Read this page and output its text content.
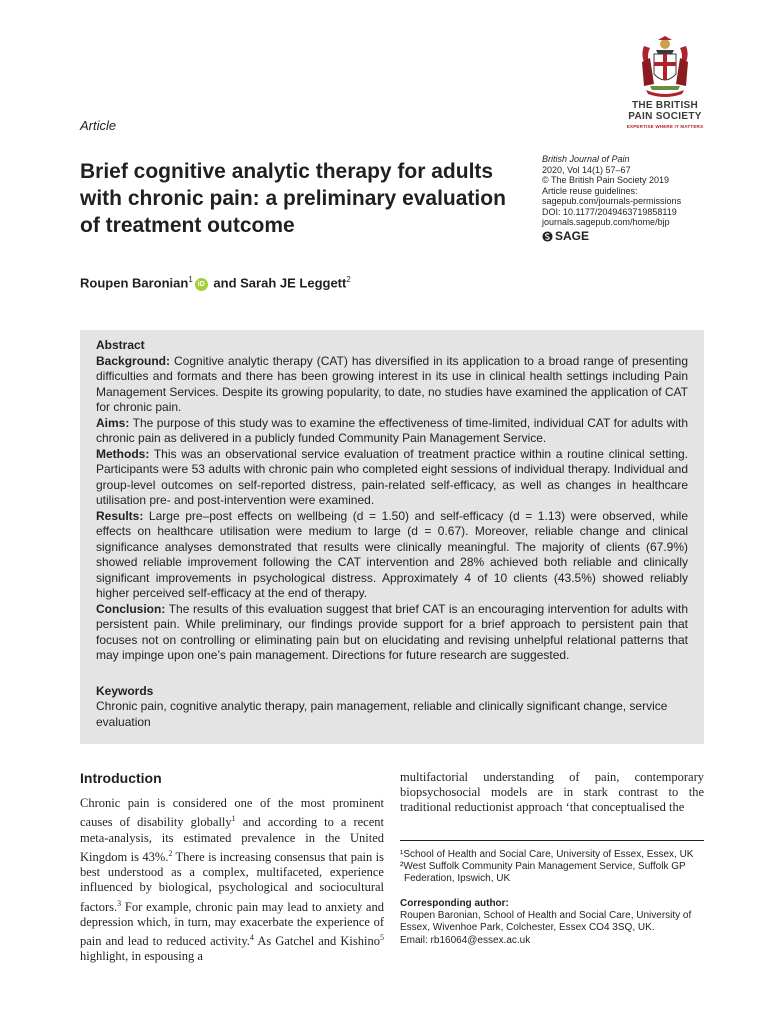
Article
THE BRITISH
PAIN SOCIETY
EXPERTISE WHERE IT MATTERS
Brief cognitive analytic therapy for adults with chronic pain: a preliminary evaluation of treatment outcome
British Journal of Pain
2020, Vol 14(1) 57–67
© The British Pain Society 2019
Article reuse guidelines:
sagepub.com/journals-permissions
DOI: 10.1177/2049463719858119
journals.sagepub.com/home/bjp
SAGE
Roupen Baronian$^1$iD and Sarah JE Leggett$^2$

Abstract

Background: Cognitive analytic therapy (CAT) has diversified in its application to a broad range of presenting difficulties and formats and there has been growing interest in its use in clinical health settings including Pain Management Services. Despite its growing popularity, to date, no studies have examined the application of CAT for chronic pain.

Aims: The purpose of this study was to examine the effectiveness of time-limited, individual CAT for adults with chronic pain as delivered in a publicly funded Community Pain Management Service.

Methods: This was an observational service evaluation of treatment practice within a routine clinical setting. Participants were 53 adults with chronic pain who completed eight sessions of individual therapy. Individual and group-level outcomes on self-reported distress, pain-related self-efficacy, as well as changes in healthcare utilisation pre- and post-intervention were examined.

Results: Large pre–post effects on wellbeing (d = 1.50) and self-efficacy (d = 1.13) were observed, while effects on healthcare utilisation were medium to large (d = 0.67). Moreover, reliable change and clinical significance analyses demonstrated that results were clinically meaningful. The majority of clients (67.9%) showed reliable improvement following the CAT intervention and 28% achieved both reliable and clinically significant improvements in psychological distress. Approximately 4 of 10 clients (43.5%) showed reliably higher perceived self-efficacy at the end of therapy.

Conclusion: The results of this evaluation suggest that brief CAT is an encouraging intervention for adults with persistent pain. While preliminary, our findings provide support for a brief approach to persistent pain that focuses not on controlling or eliminating pain but on elucidating and revising unhelpful relational patterns that may impinge upon one’s pain management. Directions for future research are suggested.

Keywords

Chronic pain, cognitive analytic therapy, pain management, reliable and clinically significant change, service evaluation

Introduction

Chronic pain is considered one of the most prominent causes of disability globally$^1$ and according to a recent meta-analysis, its estimated prevalence in the United Kingdom is 43%.$^2$ There is increasing consensus that pain is best understood as a complex, multifaceted, experience influenced by biological, psychological and sociocultural factors.$^3$ For example, chronic pain may lead to anxiety and depression which, in turn, may exacerbate the experience of pain and lead to reduced activity.$^4$ As Gatchel and Kishino$^5$ highlight, in espousing a

multifactorial understanding of pain, contemporary biopsychosocial models are in stark contrast to the traditional reductionist approach ‘that conceptualised the

¹School of Health and Social Care, University of Essex, Essex, UK
²West Suffolk Community Pain Management Service, Suffolk GP
Federation, Ipswich, UK
Corresponding author:
Roupen Baronian, School of Health and Social Care, University of
Essex, Wivenhoe Park, Colchester, Essex CO4 3SQ, UK.
Email: rb16064@essex.ac.uk
